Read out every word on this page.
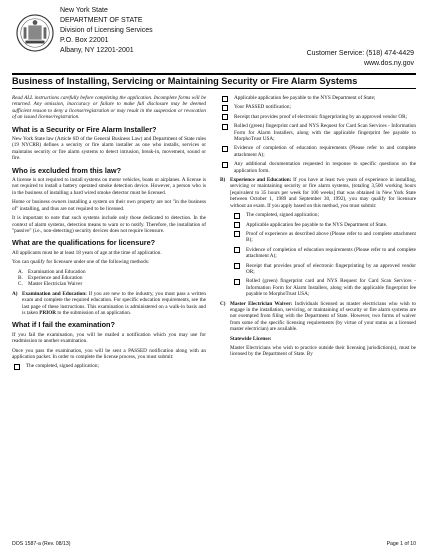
New York State
DEPARTMENT OF STATE
Division of Licensing Services
P.O. Box 22001
Albany, NY 12201-2001	Customer Service: (518) 474-4429
www.dos.ny.gov
Business of Installing, Servicing or Maintaining Security or Fire Alarm Systems

Read ALL instructions carefully before completing the application. Incomplete forms will be returned. Any omission, inaccuracy or failure to make full disclosure may be deemed sufficient reason to deny a license/registration or may result in the suspension or revocation of an issued license/registration.

What is a Security or Fire Alarm Installer?

New York State law (Article 6D of the General Business Law) and Department of State rules (19 NYCRR) defines a security or fire alarm installer as one who installs, services or maintains security or fire alarm systems to detect intrusion, break-in, movement, sound or fire.

Who is excluded from this law?

A license is not required to install systems on motor vehicles, boats or airplanes. A license is not required to install a battery operated smoke detection device. However, a person who is in the business of installing a hard wired smoke detector must be licensed.

Home or business owners installing a system on their own property are not "in the business of" installing, and thus are not required to be licensed.

It is important to note that such systems include only those dedicated to detection. In the context of alarm systems, detection means to warn or to notify. Therefore, the installation of "passive" (i.e., non-detecting) security devices does not require licensure.

What are the qualifications for licensure?

All applicants must be at least 18 years of age at the time of application.

You can qualify for licensure under one of the following methods:

A. Examination and Education
B. Experience and Education
C. Master Electrician Waiver

A) Examination and Education: If you are new to the industry, you must pass a written exam and complete the required education. For specific education requirements, see the last page of these instructions. This examination is administered on a walk-in basis and is taken PRIOR to the submission of an application.

What if I fail the examination?

If you fail the examination, you will be mailed a notification which you may use for readmission to another examination.

Once you pass the examination, you will be sent a PASSED notification along with an application packet. In order to complete the license process, you must submit:

The completed, signed application;
Applicable application fee payable to the NYS Department of State;
Your PASSED notification;
Receipt that provides proof of electronic fingerprinting by an approved vendor OR;
Rolled (green) fingerprint card and NYS Request for Card Scan Services - Information Form for Alarm Installers, along with the applicable fingerprint fee payable to MorphoTrust USA;
Evidence of completion of education requirements (Please refer to and complete attachment A);
Any additional documentation requested in response to specific questions on the application form.

B) Experience and Education: If you have at least two years of experience in installing, servicing or maintaining security or fire alarm systems, (totaling 3,500 working hours [equivalent to 35 hours per week for 100 weeks] that was obtained in New York State between October 1, 1989 and September 30, 1992), you may qualify for licensure without an exam. If you apply based on this method, you must submit:

The completed, signed application;
Applicable application fee payable to the NYS Department of State.
Proof of experience as described above (Please refer to and complete attachment B);
Evidence of completion of education requirements (Please refer to and complete attachment A);
Receipt that provides proof of electronic fingerprinting by an approved vendor OR;
Rolled (green) fingerprint card and NYS Request for Card Scan Services - Information Form for Alarm Installers, along with the applicable fingerprint fee payable to MorphoTrust USA;

C) Master Electrician Waiver: Individuals licensed as master electricians who wish to engage in the installation, servicing, or maintaining of security or fire alarm systems are not exempted from filing with the Department of State. However, two forms of waiver from some of the specific licensing requirements (by virtue of your status as a licensed master electrician) are available.

Statewide License:

Master Electricians who wish to practice outside their licensing jurisdiction(s), must be licensed by the Department of State. By

DOS 1587-a (Rev. 08/13)	Page 1 of 10
